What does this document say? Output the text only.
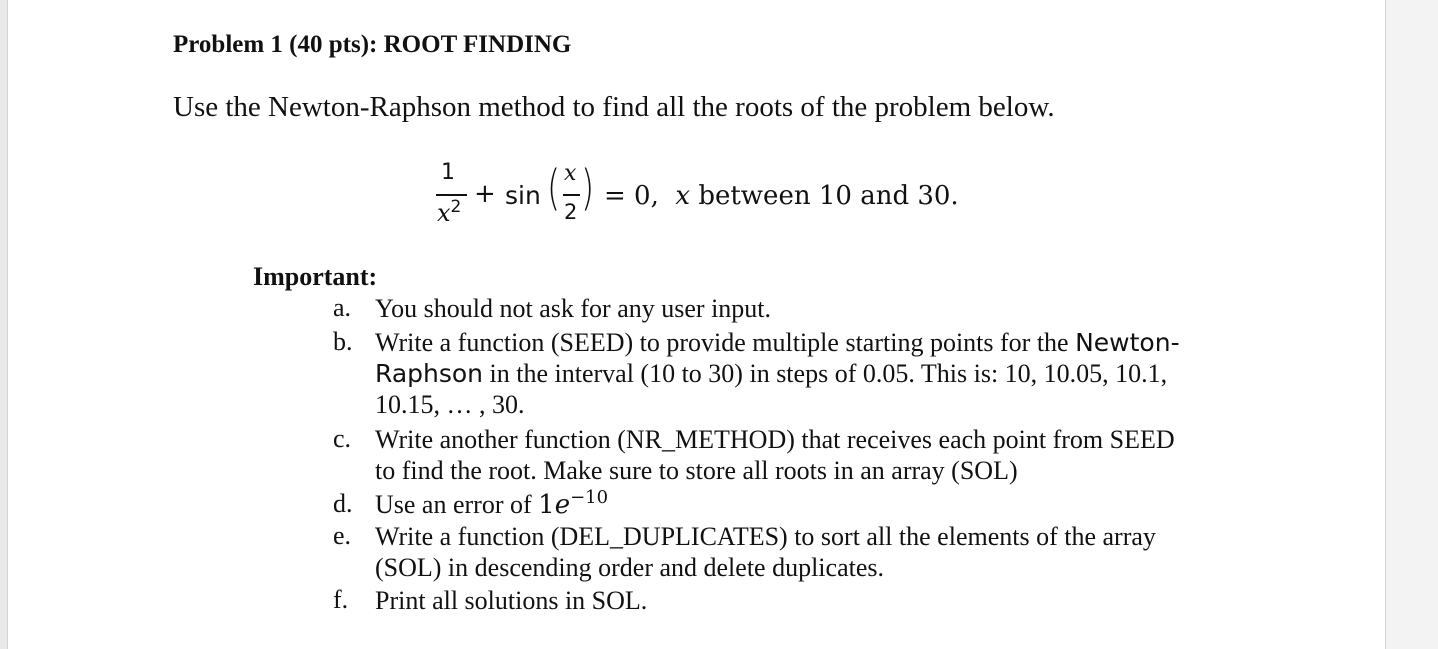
Problem 1 (40 pts): ROOT FINDING
Use the Newton-Raphson method to find all the roots of the problem below.
1
$x^2 + \sin$ ( x
2 ) = 0, x between 10 and 30.
Important:
a. You should not ask for any user input.
b. Write a function (SEED) to provide multiple starting points for the Newton-
Raphson in the interval (10 to 30) in steps of 0.05. This is: 10, 10.05, 10.1,
10.15, … , 30.
c. Write another function (NR_METHOD) that receives each point from SEED
to find the root. Make sure to store all roots in an array (SOL)
d. Use an error of $1e^{-10}$
e. Write a function (DEL_DUPLICATES) to sort all the elements of the array
(SOL) in descending order and delete duplicates.
f.	Print all solutions in SOL.
